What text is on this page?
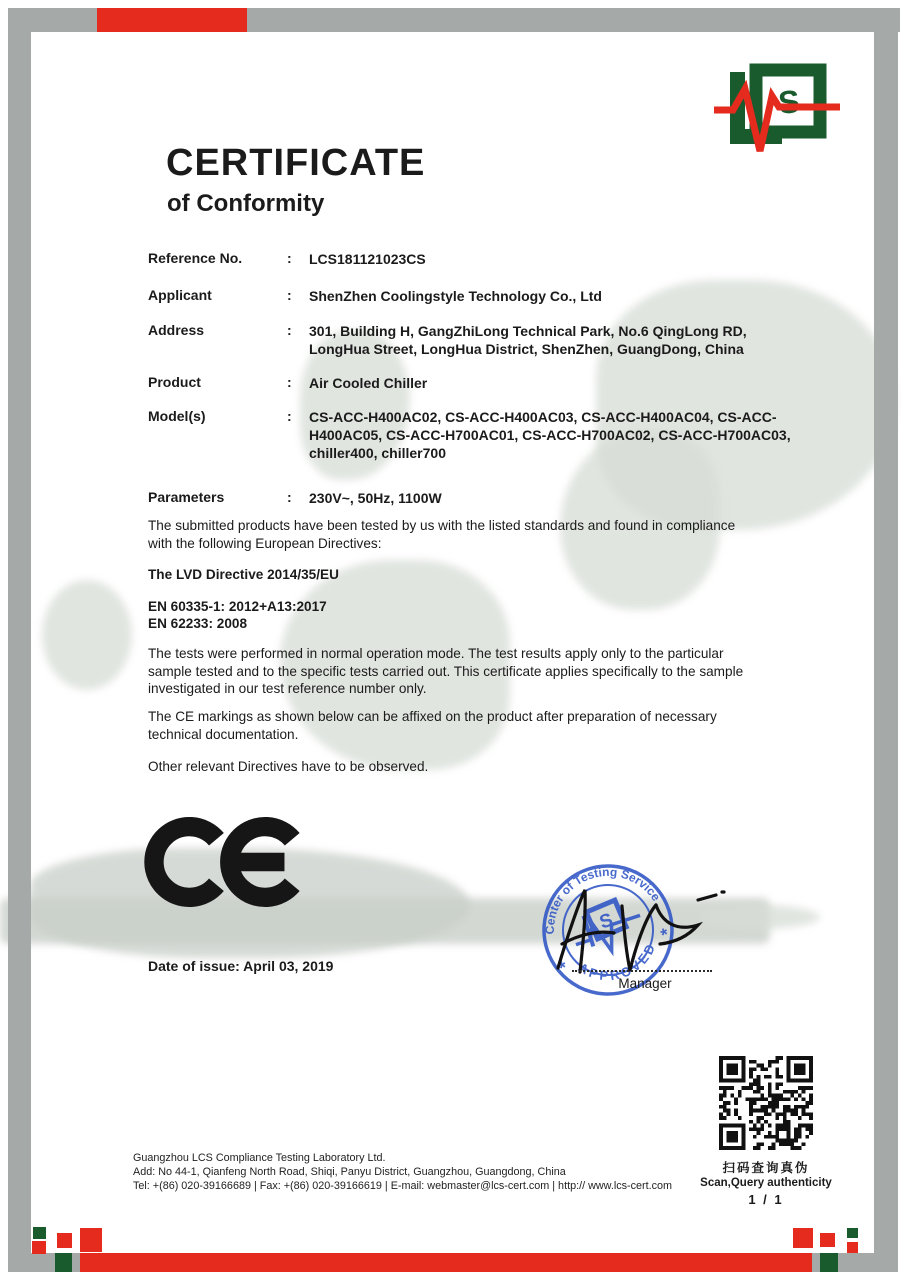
S
CERTIFICATE
of Conformity
Reference No.	:	LCS181121023CS
Applicant	:	ShenZhen Coolingstyle Technology Co., Ltd
Address	:	301, Building H, GangZhiLong Technical Park, No.6 QingLong RD, LongHua Street, LongHua District, ShenZhen, GuangDong, China
Product	:	Air Cooled Chiller
Model(s)	:	CS-ACC-H400AC02, CS-ACC-H400AC03, CS-ACC-H400AC04, CS-ACC-H400AC05, CS-ACC-H700AC01, CS-ACC-H700AC02, CS-ACC-H700AC03, chiller400, chiller700
Parameters	:	230V~, 50Hz, 1100W
The submitted products have been tested by us with the listed standards and found in compliance with the following European Directives:
The LVD Directive 2014/35/EU
EN 60335-1: 2012+A13:2017
EN 62233: 2008
The tests were performed in normal operation mode. The test results apply only to the particular sample tested and to the specific tests carried out. This certificate applies specifically to the sample investigated in our test reference number only.
The CE markings as shown below can be affixed on the product after preparation of necessary technical documentation.
Other relevant Directives have to be observed.
Date of issue: April 03, 2019
Center of Testing Service
APPROVED
*
*
S
Manager
扫码查询真伪
Scan,Query authenticity
1 / 1
Guangzhou LCS Compliance Testing Laboratory Ltd.
Add: No 44-1, Qianfeng North Road, Shiqi, Panyu District, Guangzhou, Guangdong, China
Tel: +(86) 020-39166689 | Fax: +(86) 020-39166619 | E-mail: webmaster@lcs-cert.com | http:// www.lcs-cert.com
